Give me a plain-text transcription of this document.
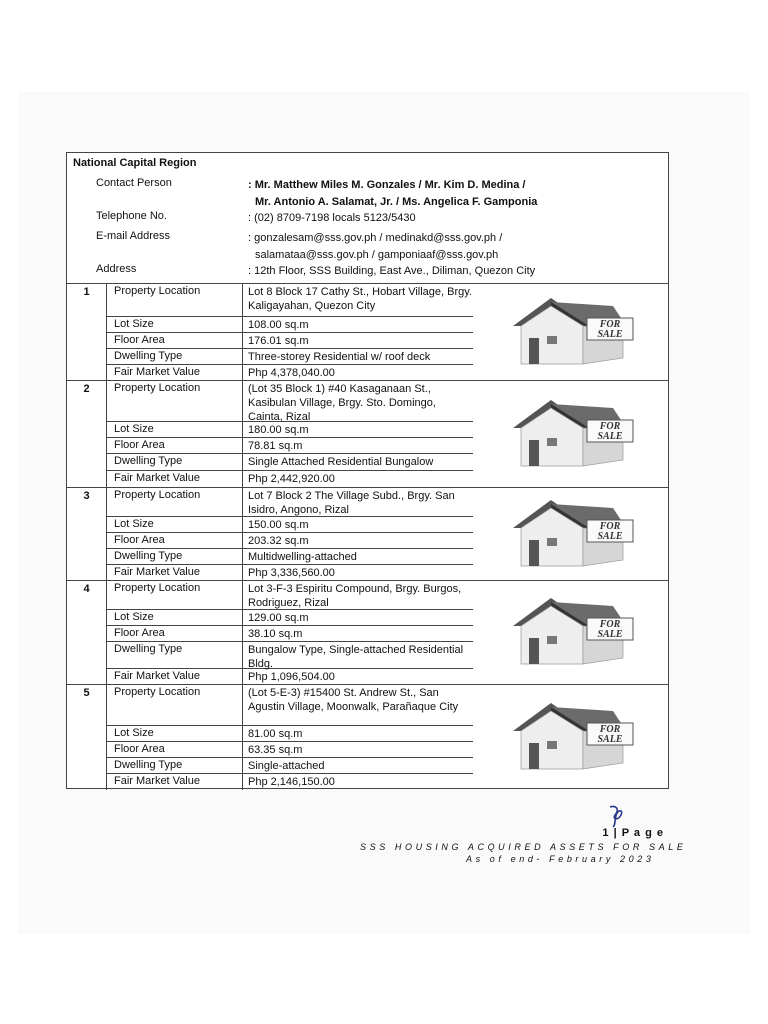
National Capital Region
Contact Person	: Mr. Matthew Miles M. Gonzales / Mr. Kim D. Medina /
Mr. Antonio A. Salamat, Jr. / Ms. Angelica F. Gamponia
Telephone No.	: (02) 8709-7198 locals 5123/5430
E-mail Address	: gonzalesam@sss.gov.ph / medinakd@sss.gov.ph /
salamataa@sss.gov.ph / gamponiaaf@sss.gov.ph
Address	: 12th Floor, SSS Building, East Ave., Diliman, Quezon City
1	Property Location	Lot 8 Block 17 Cathy St., Hobart Village, Brgy. Kaligayahan, Quezon City
Lot Size	108.00 sq.m
Floor Area	176.01 sq.m
Dwelling Type	Three-storey Residential w/ roof deck
Fair Market Value	Php 4,378,040.00
FOR
SALE
2	Property Location	(Lot 35 Block 1) #40 Kasaganaan St., Kasibulan Village, Brgy. Sto. Domingo, Cainta, Rizal
Lot Size	180.00 sq.m
Floor Area	78.81 sq.m
Dwelling Type	Single Attached Residential Bungalow
Fair Market Value	Php 2,442,920.00
FOR
SALE
3	Property Location	Lot 7 Block 2 The Village Subd., Brgy. San Isidro, Angono, Rizal
Lot Size	150.00 sq.m
Floor Area	203.32 sq.m
Dwelling Type	Multidwelling-attached
Fair Market Value	Php 3,336,560.00
FOR
SALE
4	Property Location	Lot 3-F-3 Espiritu Compound, Brgy. Burgos, Rodriguez, Rizal
Lot Size	129.00 sq.m
Floor Area	38.10 sq.m
Dwelling Type	Bungalow Type, Single-attached Residential Bldg.
Fair Market Value	Php 1,096,504.00
FOR
SALE
5	Property Location	(Lot 5-E-3) #15400 St. Andrew St., San Agustin Village, Moonwalk, Parañaque City
Lot Size	81.00 sq.m
Floor Area	63.35 sq.m
Dwelling Type	Single-attached
Fair Market Value	Php 2,146,150.00
FOR
SALE
1 | P a g e
SSS HOUSING ACQUIRED ASSETS FOR SALE
As of end- February 2023
